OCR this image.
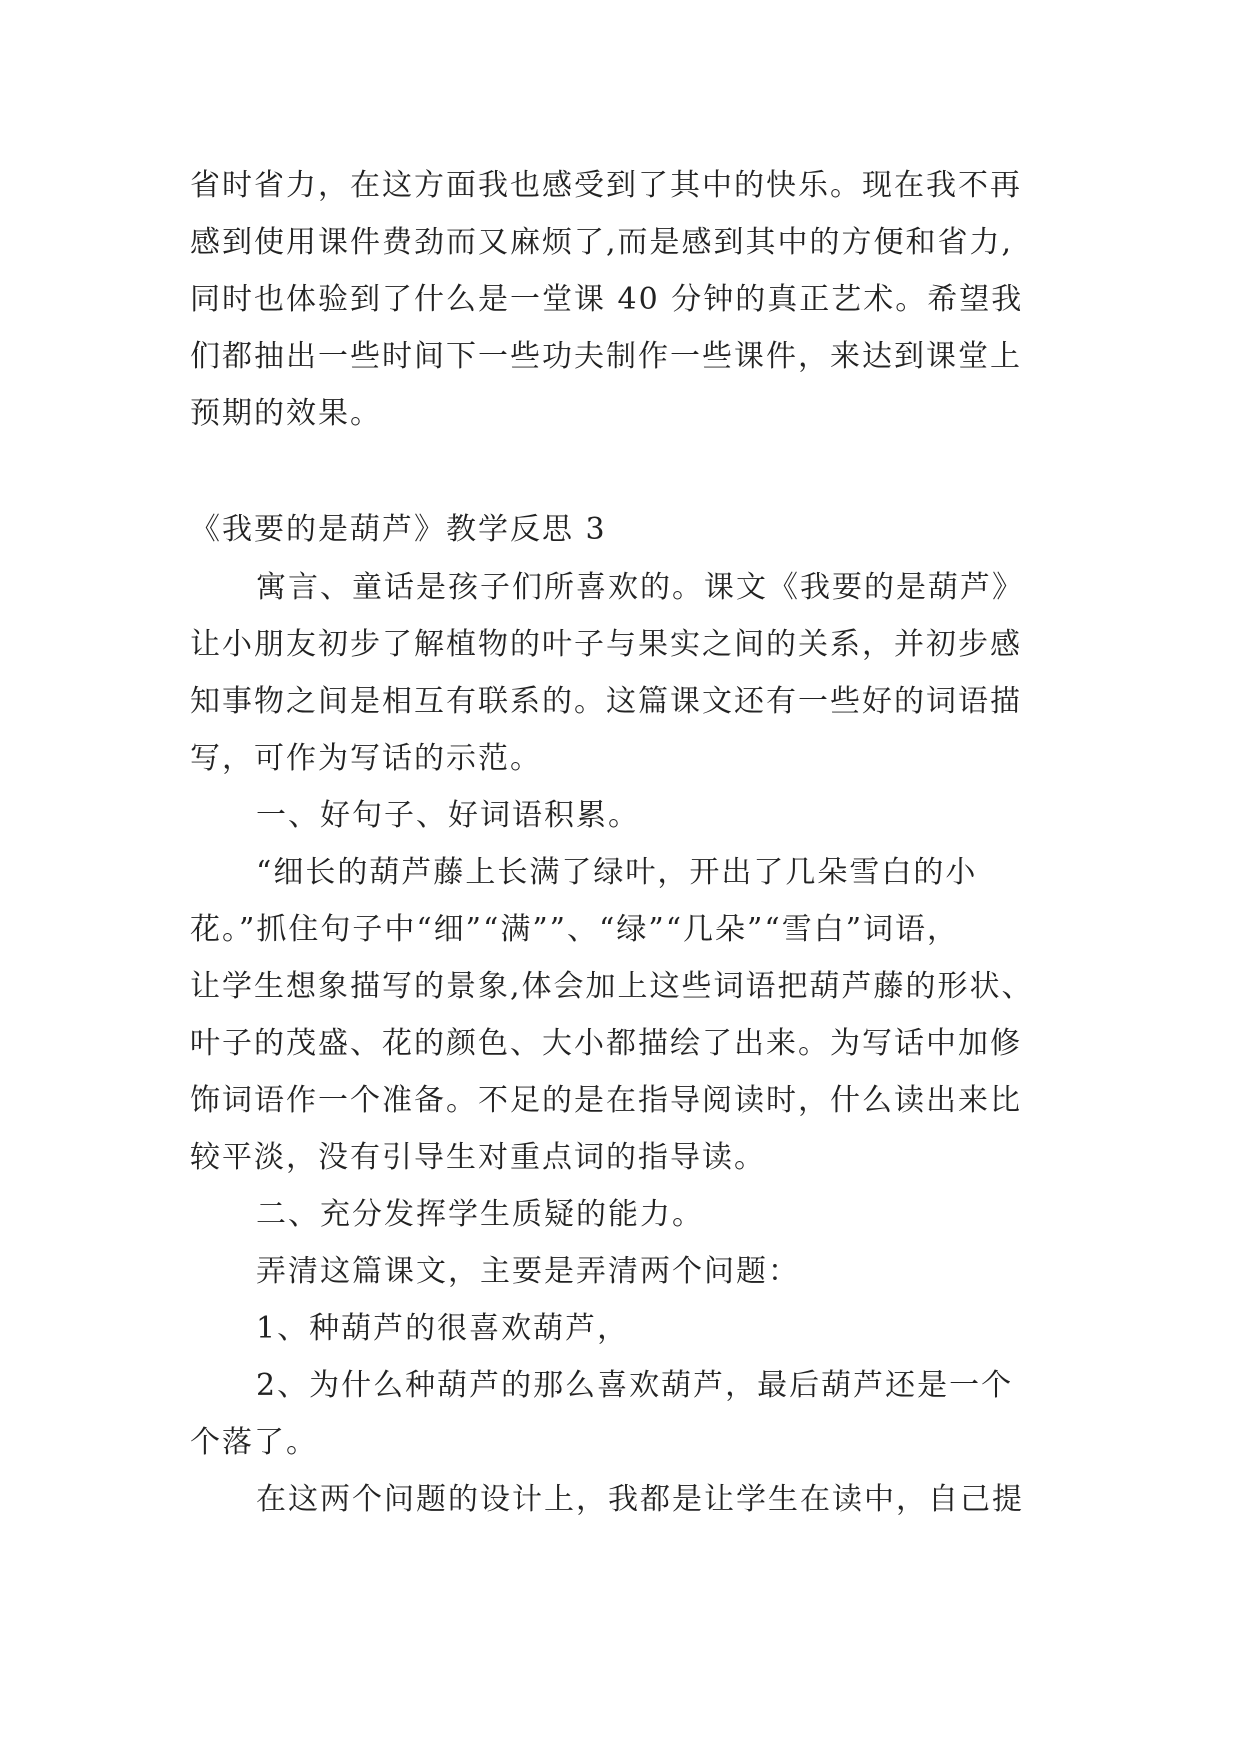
省时省力，在这方面我也感受到了其中的快乐。现在我不再
感到使用课件费劲而又麻烦了,而是感到其中的方便和省力,
同时也体验到了什么是一堂课 40 分钟的真正艺术。希望我
们都抽出一些时间下一些功夫制作一些课件，来达到课堂上
预期的效果。
《我要的是葫芦》教学反思 3
寓言、童话是孩子们所喜欢的。课文《我要的是葫芦》
让小朋友初步了解植物的叶子与果实之间的关系，并初步感
知事物之间是相互有联系的。这篇课文还有一些好的词语描
写，可作为写话的示范。
一、好句子、好词语积累。
“细长的葫芦藤上长满了绿叶，开出了几朵雪白的小
花。”抓住句子中“细”“满””、“绿”“几朵”“雪白”词语，
让学生想象描写的景象,体会加上这些词语把葫芦藤的形状、
叶子的茂盛、花的颜色、大小都描绘了出来。为写话中加修
饰词语作一个准备。不足的是在指导阅读时，什么读出来比
较平淡，没有引导生对重点词的指导读。
二、充分发挥学生质疑的能力。
弄清这篇课文，主要是弄清两个问题：
1、种葫芦的很喜欢葫芦，
2、为什么种葫芦的那么喜欢葫芦，最后葫芦还是一个
个落了。
在这两个问题的设计上，我都是让学生在读中，自己提
